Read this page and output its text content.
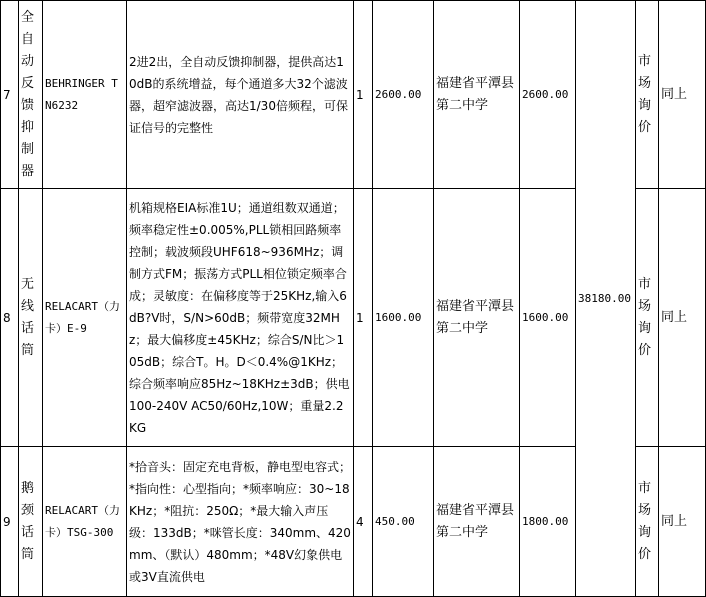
7	全自动反馈抑制器	BEHRINGER TN6232	2进2出，全自动反馈抑制器，提供高达10dB的系统增益，每个通道多大32个滤波器，超窄滤波器，高达1/30倍频程，可保证信号的完整性	1	2600.00	福建省平潭县第二中学	2600.00	38180.00	市场询价	同上
8	无线话筒	RELACART（力卡）E-9	机箱规格EIA标准1U；通道组数双通道；频率稳定性±0.005%,PLL锁相回路频率控制；载波频段UHF618~936MHz；调制方式FM；振荡方式PLL相位锁定频率合成；灵敏度：在偏移度等于25KHz,输入6dB?V时，S/N>60dB；频带宽度32MHz；最大偏移度±45KHz；综合S/N比＞105dB；综合T。H。D＜0.4%@1KHz；综合频率响应85Hz~18KHz±3dB；供电100-240V AC50/60Hz,10W；重量2.2KG	1	1600.00	福建省平潭县第二中学	1600.00		市场询价	同上
9	鹅颈话筒	RELACART（力卡）TSG-300	*拾音头：固定充电背板，静电型电容式；*指向性：心型指向；*频率响应：30~18KHz；*阻抗：250Ω；*最大输入声压级：133dB；*咪管长度：340mm、420mm、（默认）480mm；*48V幻象供电或3V直流供电	4	450.00	福建省平潭县第二中学	1800.00		市场询价	同上
